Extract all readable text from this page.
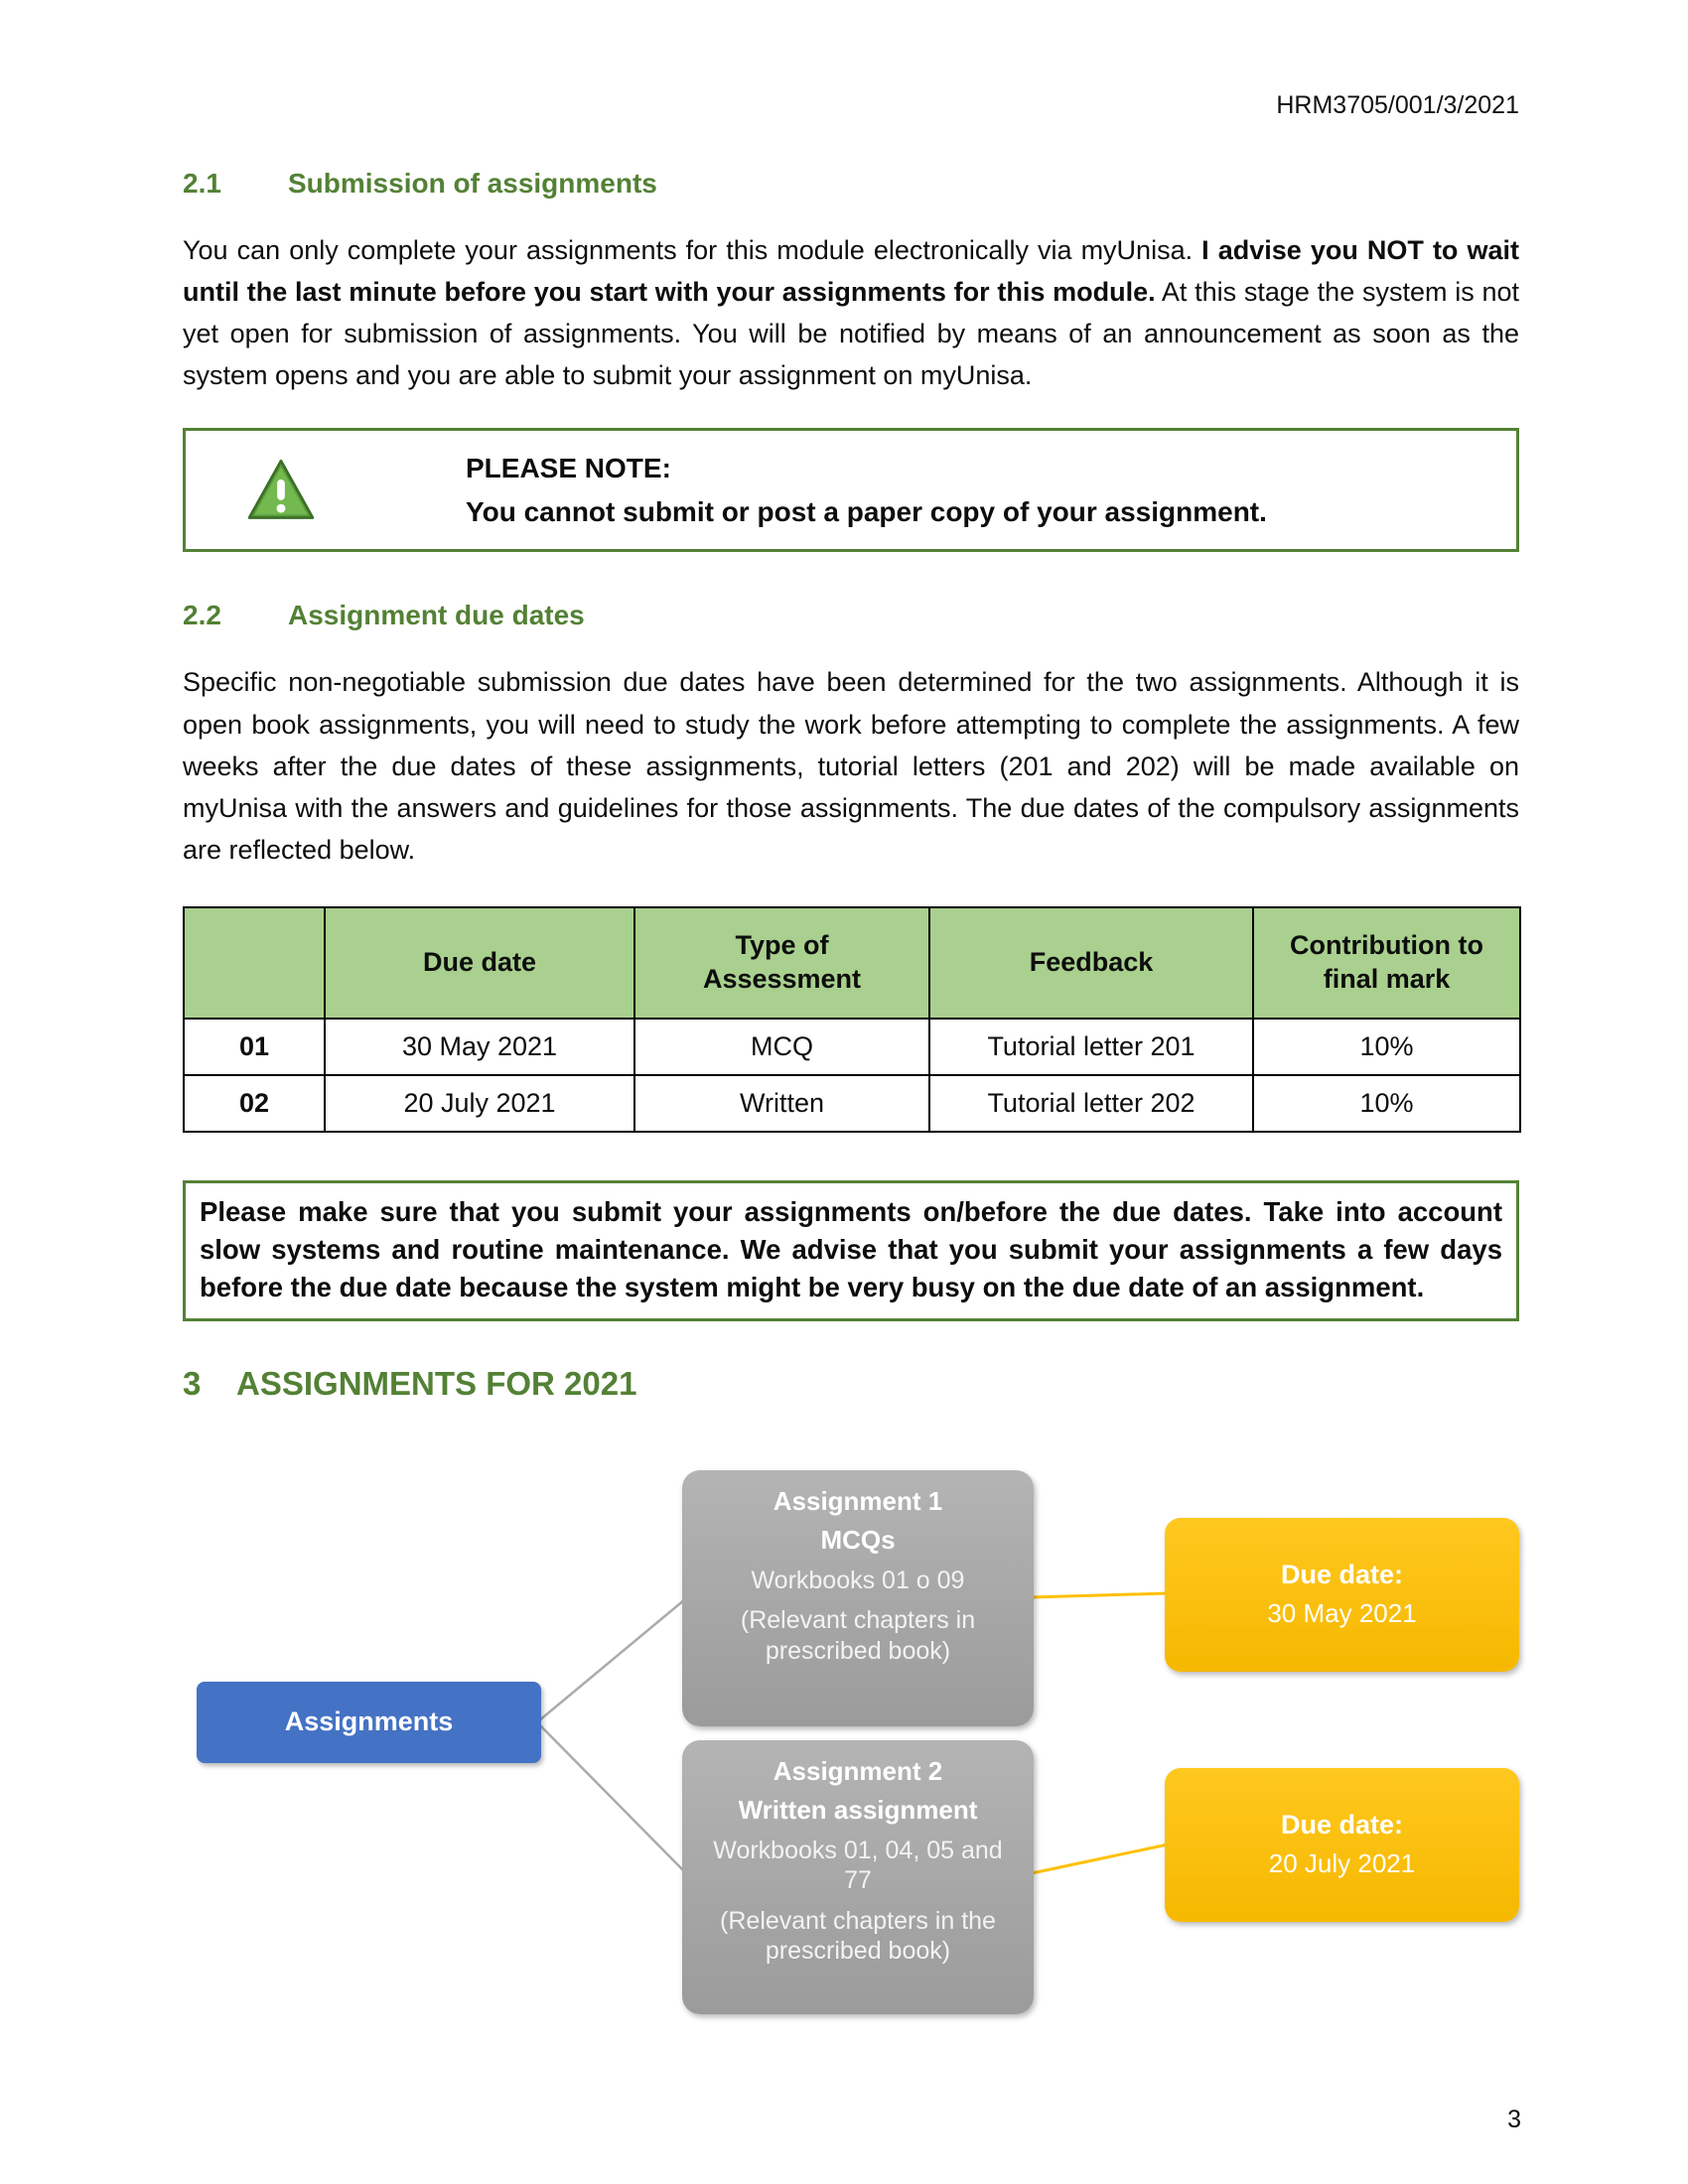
HRM3705/001/3/2021
2.1	Submission of assignments

You can only complete your assignments for this module electronically via myUnisa. I advise you NOT to wait until the last minute before you start with your assignments for this module. At this stage the system is not yet open for submission of assignments. You will be notified by means of an announcement as soon as the system opens and you are able to submit your assignment on myUnisa.

PLEASE NOTE:
You cannot submit or post a paper copy of your assignment.
2.2	Assignment due dates

Specific non-negotiable submission due dates have been determined for the two assignments. Although it is open book assignments, you will need to study the work before attempting to complete the assignments. A few weeks after the due dates of these assignments, tutorial letters (201 and 202) will be made available on myUnisa with the answers and guidelines for those assignments. The due dates of the compulsory assignments are reflected below.

	Due date	Type of Assessment	Feedback	Contribution to final mark
01	30 May 2021	MCQ	Tutorial letter 201	10%
02	20 July 2021	Written	Tutorial letter 202	10%
Please make sure that you submit your assignments on/before the due dates. Take into account slow systems and routine maintenance. We advise that you submit your assignments a few days before the due date because the system might be very busy on the due date of an assignment.
3	ASSIGNMENTS FOR 2021
Assignments
Assignment 1
MCQs
Workbooks 01 o 09
(Relevant chapters in prescribed book)
Assignment 2
Written assignment
Workbooks 01, 04, 05 and 77
(Relevant chapters in the prescribed book)
Due date:
30 May 2021
Due date:
20 July 2021
3
